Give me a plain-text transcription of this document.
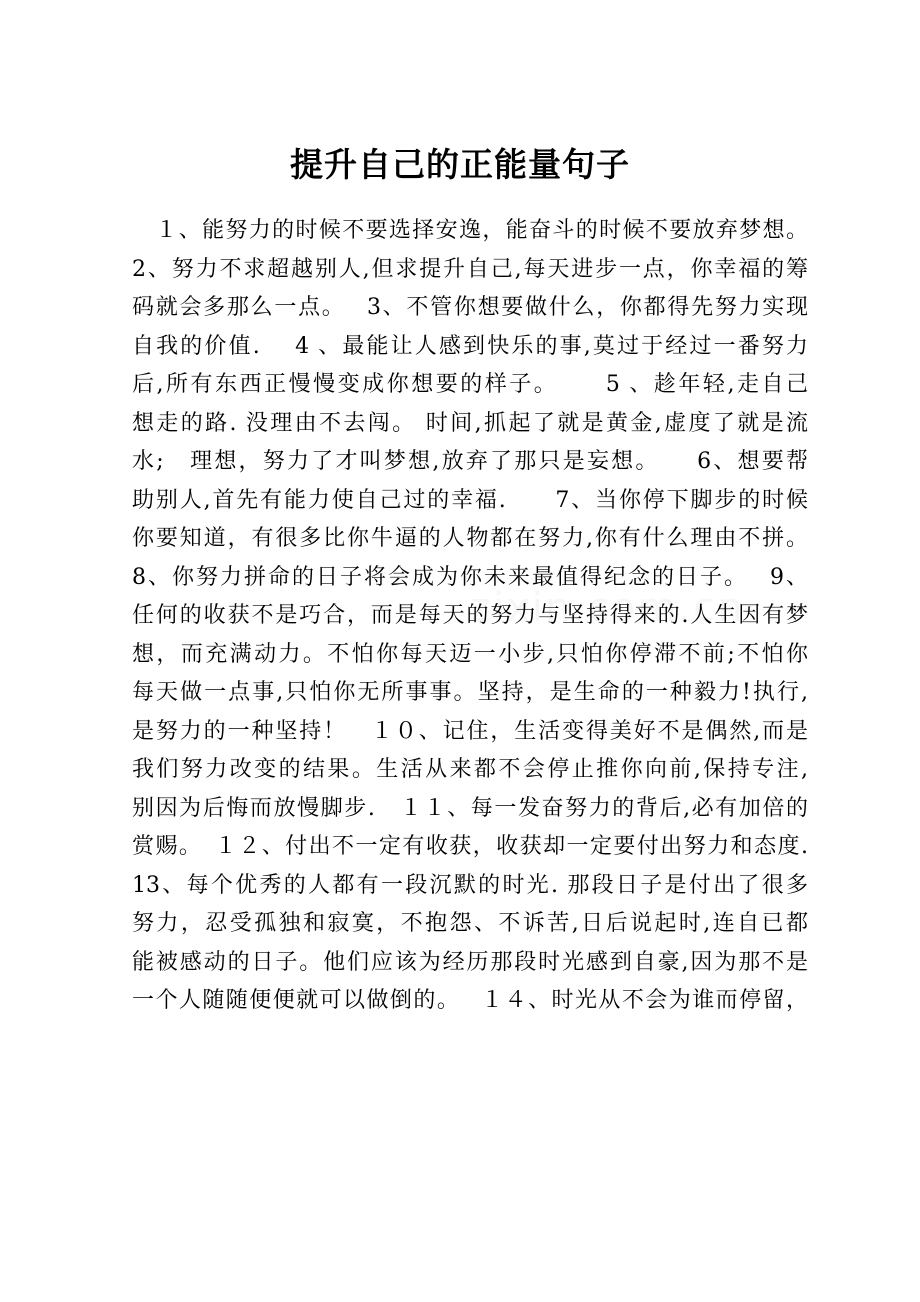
提升自己的正能量句子
　１、能努力的时候不要选择安逸，能奋斗的时候不要放弃梦想。
2、努力不求超越别人,但求提升自己,每天进步一点，你幸福的筹
码就会多那么一点。　 3、不管你想要做什么，你都得先努力实现
自我的价值.　 4 、最能让人感到快乐的事,莫过于经过一番努力
后,所有东西正慢慢变成你想要的样子。　　 5 、趁年轻,走自己
想走的路. 没理由不去闯。 时间,抓起了就是黄金,虚度了就是流
水;　理想，努力了才叫梦想,放弃了那只是妄想。　　6、想要帮
助别人,首先有能力使自己过的幸福.　　7、当你停下脚步的时候
你要知道，有很多比你牛逼的人物都在努力,你有什么理由不拼。
8、你努力拼命的日子将会成为你未来最值得纪念的日子。　 9、
任何的收获不是巧合，而是每天的努力与坚持得来的.人生因有梦
想，而充满动力。不怕你每天迈一小步,只怕你停滞不前;不怕你
每天做一点事,只怕你无所事事。坚持，是生命的一种毅力!执行,
是努力的一种坚持！　１０、记住，生活变得美好不是偶然,而是
我们努力改变的结果。生活从来都不会停止推你向前,保持专注,
别因为后悔而放慢脚步.　１１、每一发奋努力的背后,必有加倍的
赏赐。　１２、付出不一定有收获，收获却一定要付出努力和态度.
13、每个优秀的人都有一段沉默的时光. 那段日子是付出了很多
努力，忍受孤独和寂寞，不抱怨、不诉苦,日后说起时,连自已都
能被感动的日子。他们应该为经历那段时光感到自豪,因为那不是
一个人随随便便就可以做倒的。　 １４、时光从不会为谁而停留，
